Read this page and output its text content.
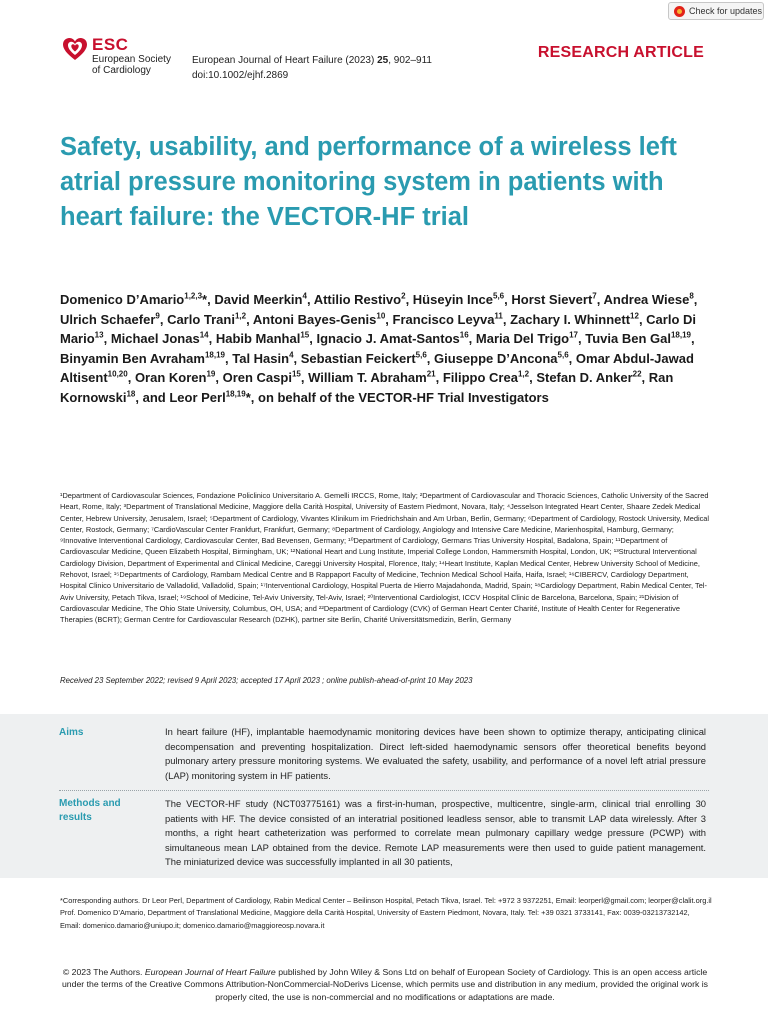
Check for updates
ESC
European Society
of Cardiology
European Journal of Heart Failure (2023) 25, 902–911
doi:10.1002/ejhf.2869
RESEARCH ARTICLE
Safety, usability, and performance of a wireless left atrial pressure monitoring system in patients with heart failure: the VECTOR-HF trial
Domenico D’Amario$^{1,2,3}$*, David Meerkin$^4$, Attilio Restivo$^2$, Hüseyin Ince$^{5,6}$, Horst Sievert$^7$, Andrea Wiese$^8$, Ulrich Schaefer$^9$, Carlo Trani$^{1,2}$, Antoni Bayes-Genis$^{10}$, Francisco Leyva$^{11}$, Zachary I. Whinnett$^{12}$, Carlo Di Mario$^{13}$, Michael Jonas$^{14}$, Habib Manhal$^{15}$, Ignacio J. Amat-Santos$^{16}$, Maria Del Trigo$^{17}$, Tuvia Ben Gal$^{18,19}$, Binyamin Ben Avraham$^{18,19}$, Tal Hasin$^4$, Sebastian Feickert$^{5,6}$, Giuseppe D’Ancona$^{5,6}$, Omar Abdul-Jawad Altisent$^{10,20}$, Oran Koren$^{19}$, Oren Caspi$^{15}$, William T. Abraham$^{21}$, Filippo Crea$^{1,2}$, Stefan D. Anker$^{22}$, Ran Kornowski$^{18}$, and Leor Perl$^{18,19}$*, on behalf of the VECTOR-HF Trial Investigators

¹Department of Cardiovascular Sciences, Fondazione Policlinico Universitario A. Gemelli IRCCS, Rome, Italy; ²Department of Cardiovascular and Thoracic Sciences, Catholic University of the Sacred Heart, Rome, Italy; ³Department of Translational Medicine, Maggiore della Carità Hospital, University of Eastern Piedmont, Novara, Italy; ⁴Jesselson Integrated Heart Center, Shaare Zedek Medical Center, Hebrew University, Jerusalem, Israel; ⁵Department of Cardiology, Vivantes Klinikum im Friedrichshain and Am Urban, Berlin, Germany; ⁶Department of Cardiology, Rostock University, Medical Center, Rostock, Germany; ⁷CardioVascular Center Frankfurt, Frankfurt, Germany; ⁸Department of Cardiology, Angiology and Intensive Care Medicine, Marienhospital, Hamburg, Germany; ⁹Innovative Interventional Cardiology, Cardiovascular Center, Bad Bevensen, Germany; ¹⁰Department of Cardiology, Germans Trias University Hospital, Badalona, Spain; ¹¹Department of Cardiovascular Medicine, Queen Elizabeth Hospital, Birmingham, UK; ¹²National Heart and Lung Institute, Imperial College London, Hammersmith Hospital, London, UK; ¹³Structural Interventional Cardiology Division, Department of Experimental and Clinical Medicine, Careggi University Hospital, Florence, Italy; ¹⁴Heart Institute, Kaplan Medical Center, Hebrew University School of Medicine, Rehovot, Israel; ¹⁵Departments of Cardiology, Rambam Medical Centre and B Rappaport Faculty of Medicine, Technion Medical School Haifa, Haifa, Israel; ¹⁶CIBERCV, Cardiology Department, Hospital Clinico Universitario de Valladolid, Valladolid, Spain; ¹⁷Interventional Cardiology, Hospital Puerta de Hierro Majadahonda, Madrid, Spain; ¹⁸Cardiology Department, Rabin Medical Center, Tel-Aviv University, Petach Tikva, Israel; ¹⁹School of Medicine, Tel-Aviv University, Tel-Aviv, Israel; ²⁰Interventional Cardiologist, ICCV Hospital Clinic de Barcelona, Barcelona, Spain; ²¹Division of Cardiovascular Medicine, The Ohio State University, Columbus, OH, USA; and ²²Department of Cardiology (CVK) of German Heart Center Charité, Institute of Health Center for Regenerative Therapies (BCRT); German Centre for Cardiovascular Research (DZHK), partner site Berlin, Charité Universitätsmedizin, Berlin, Germany

Received 23 September 2022; revised 9 April 2023; accepted 17 April 2023 ; online publish-ahead-of-print 10 May 2023
Aims	In heart failure (HF), implantable haemodynamic monitoring devices have been shown to optimize therapy, anticipating clinical decompensation and preventing hospitalization. Direct left-sided haemodynamic sensors offer theoretical benefits beyond pulmonary artery pressure monitoring systems. We evaluated the safety, usability, and performance of a novel left atrial pressure (LAP) monitoring system in HF patients.
Methods and results
The VECTOR-HF study (NCT03775161) was a first-in-human, prospective, multicentre, single-arm, clinical trial enrolling 30 patients with HF. The device consisted of an interatrial positioned leadless sensor, able to transmit LAP data wirelessly. After 3 months, a right heart catheterization was performed to correlate mean pulmonary capillary wedge pressure (PCWP) with simultaneous mean LAP obtained from the device. Remote LAP measurements were then used to guide patient management. The miniaturized device was successfully implanted in all 30 patients,
*Corresponding authors. Dr Leor Perl, Department of Cardiology, Rabin Medical Center – Beilinson Hospital, Petach Tikva, Israel. Tel: +972 3 9372251, Email: leorperl@gmail.com; leorper@clalit.org.il Prof. Domenico D’Amario, Department of Translational Medicine, Maggiore della Carità Hospital, University of Eastern Piedmont, Novara, Italy. Tel: +39 0321 3733141, Fax: 0039-03213732142, Email: domenico.damario@uniupo.it; domenico.damario@maggioreosp.novara.it
© 2023 The Authors. European Journal of Heart Failure published by John Wiley & Sons Ltd on behalf of European Society of Cardiology. This is an open access article under the terms of the Creative Commons Attribution-NonCommercial-NoDerivs License, which permits use and distribution in any medium, provided the original work is properly cited, the use is non-commercial and no modifications or adaptations are made.
